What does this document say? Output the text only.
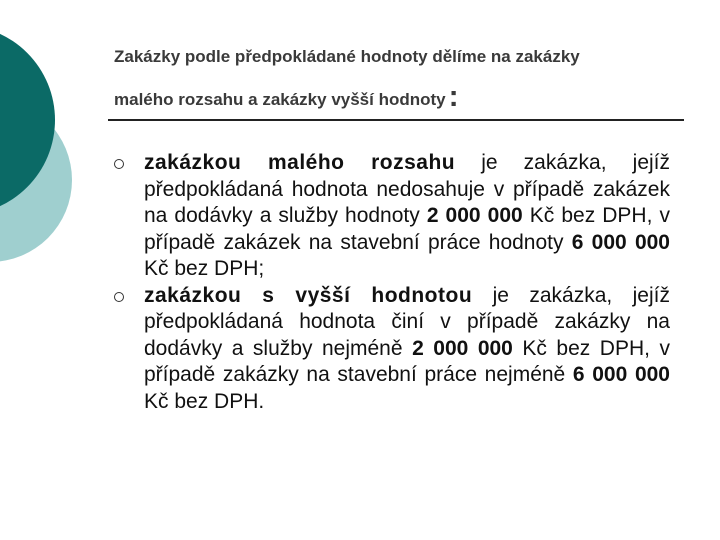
Zakázky podle předpokládané hodnoty dělíme na zakázky
malého rozsahu a zakázky vyšší hodnoty :
zakázkou malého rozsahu je zakázka, jejíž předpokládaná hodnota nedosahuje v případě zakázek na dodávky a služby hodnoty 2 000 000 Kč bez DPH, v případě zakázek na stavební práce hodnoty 6 000 000 Kč bez DPH;
zakázkou s vyšší hodnotou je zakázka, jejíž předpokládaná hodnota činí v případě zakázky na dodávky a služby nejméně 2 000 000 Kč bez DPH, v případě zakázky na stavební práce nejméně 6 000 000 Kč bez DPH.
